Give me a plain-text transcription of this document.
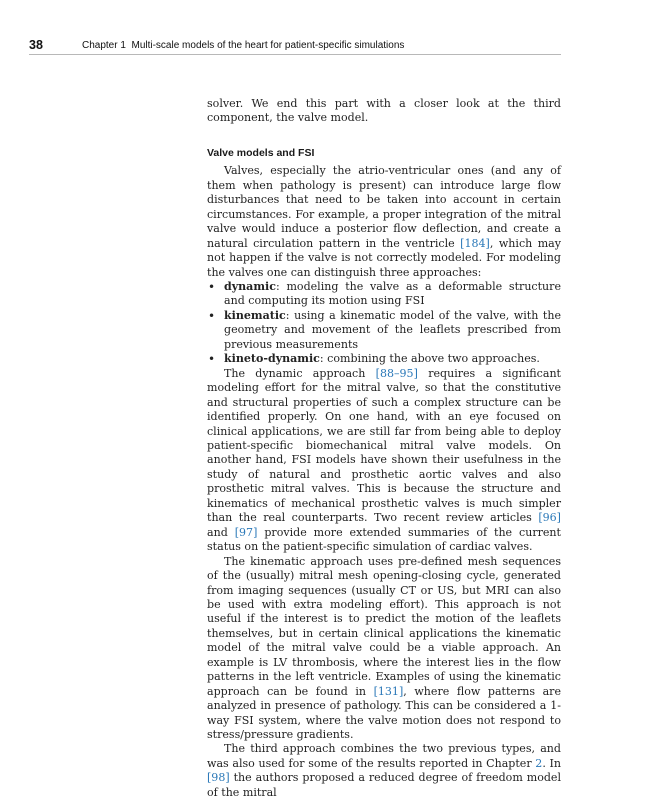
38	Chapter 1 Multi-scale models of the heart for patient-specific simulations

solver. We end this part with a closer look at the third component, the valve model.

Valve models and FSI

Valves, especially the atrio-ventricular ones (and any of them when pathology is present) can introduce large flow disturbances that need to be taken into account in certain circumstances. For example, a proper integration of the mitral valve would induce a posterior flow deflection, and create a natural circulation pattern in the ventricle [184], which may not happen if the valve is not correctly modeled. For modeling the valves one can distinguish three approaches:

• dynamic: modeling the valve as a deformable structure and computing its motion using FSI
• kinematic: using a kinematic model of the valve, with the geometry and movement of the leaflets prescribed from previous measurements
• kineto-dynamic: combining the above two approaches.

The dynamic approach [88–95] requires a significant modeling effort for the mitral valve, so that the constitutive and structural properties of such a complex structure can be identified properly. On one hand, with an eye focused on clinical applications, we are still far from being able to deploy patient-specific biomechanical mitral valve models. On another hand, FSI models have shown their usefulness in the study of natural and prosthetic aortic valves and also prosthetic mitral valves. This is because the structure and kinematics of mechanical prosthetic valves is much simpler than the real counterparts. Two recent review articles [96] and [97] provide more extended summaries of the current status on the patient-specific simulation of cardiac valves.

The kinematic approach uses pre-defined mesh sequences of the (usually) mitral mesh opening-closing cycle, generated from imaging sequences (usually CT or US, but MRI can also be used with extra modeling effort). This approach is not useful if the interest is to predict the motion of the leaflets themselves, but in certain clinical applications the kinematic model of the mitral valve could be a viable approach. An example is LV thrombosis, where the interest lies in the flow patterns in the left ventricle. Examples of using the kinematic approach can be found in [131], where flow patterns are analyzed in presence of pathology. This can be considered a 1-way FSI system, where the valve motion does not respond to stress/pressure gradients.

The third approach combines the two previous types, and was also used for some of the results reported in Chapter 2. In [98] the authors proposed a reduced degree of freedom model of the mitral
